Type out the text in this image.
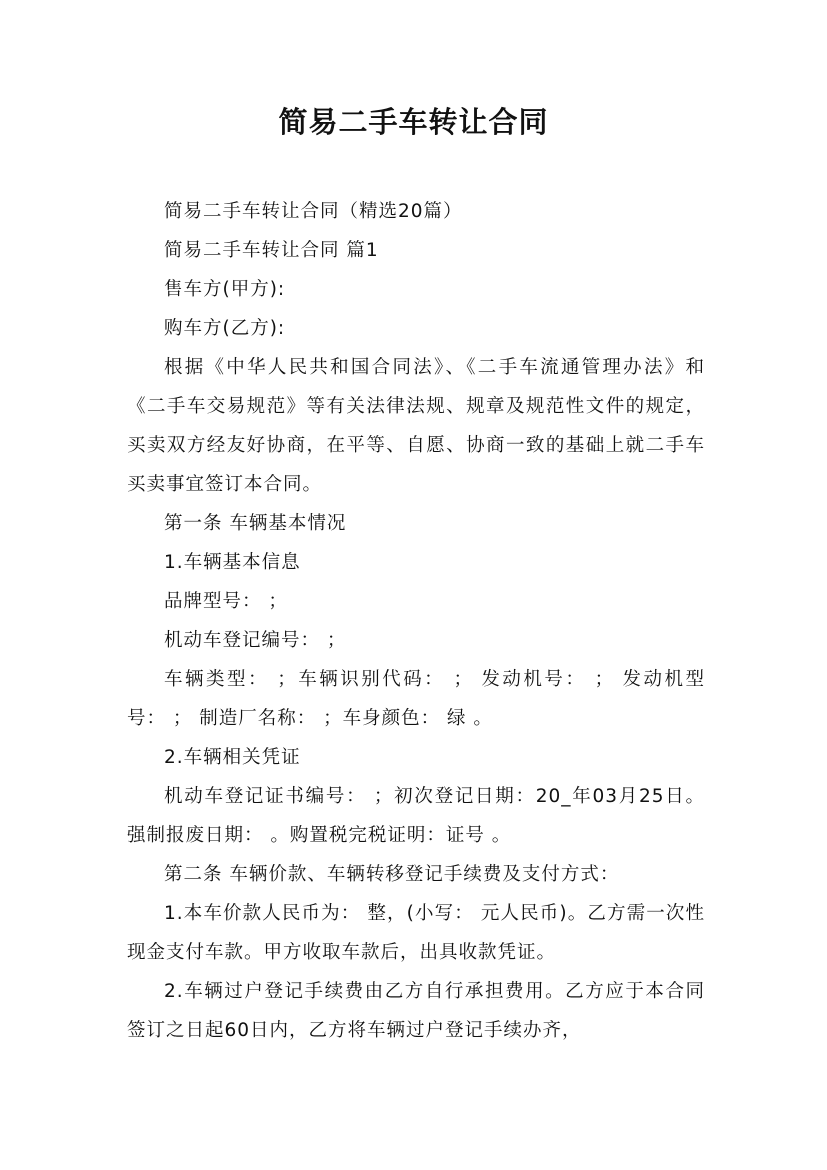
简易二手车转让合同

简易二手车转让合同（精选20篇）

简易二手车转让合同 篇1

售车方(甲方):

购车方(乙方):

根据《中华人民共和国合同法》、《二手车流通管理办法》和《二手车交易规范》等有关法律法规、规章及规范性文件的规定，买卖双方经友好协商，在平等、自愿、协商一致的基础上就二手车买卖事宜签订本合同。

第一条 车辆基本情况

1.车辆基本信息

品牌型号： ；

机动车登记编号： ；

车辆类型： ；车辆识别代码： ； 发动机号： ； 发动机型号： ； 制造厂名称： ；车身颜色： 绿 。

2.车辆相关凭证

机动车登记证书编号： ；初次登记日期：20_年03月25日。 强制报废日期： 。购置税完税证明：证号 。

第二条 车辆价款、车辆转移登记手续费及支付方式：

1.本车价款人民币为： 整，(小写： 元人民币)。乙方需一次性现金支付车款。甲方收取车款后，出具收款凭证。

2.车辆过户登记手续费由乙方自行承担费用。乙方应于本合同签订之日起60日内，乙方将车辆过户登记手续办齐，
